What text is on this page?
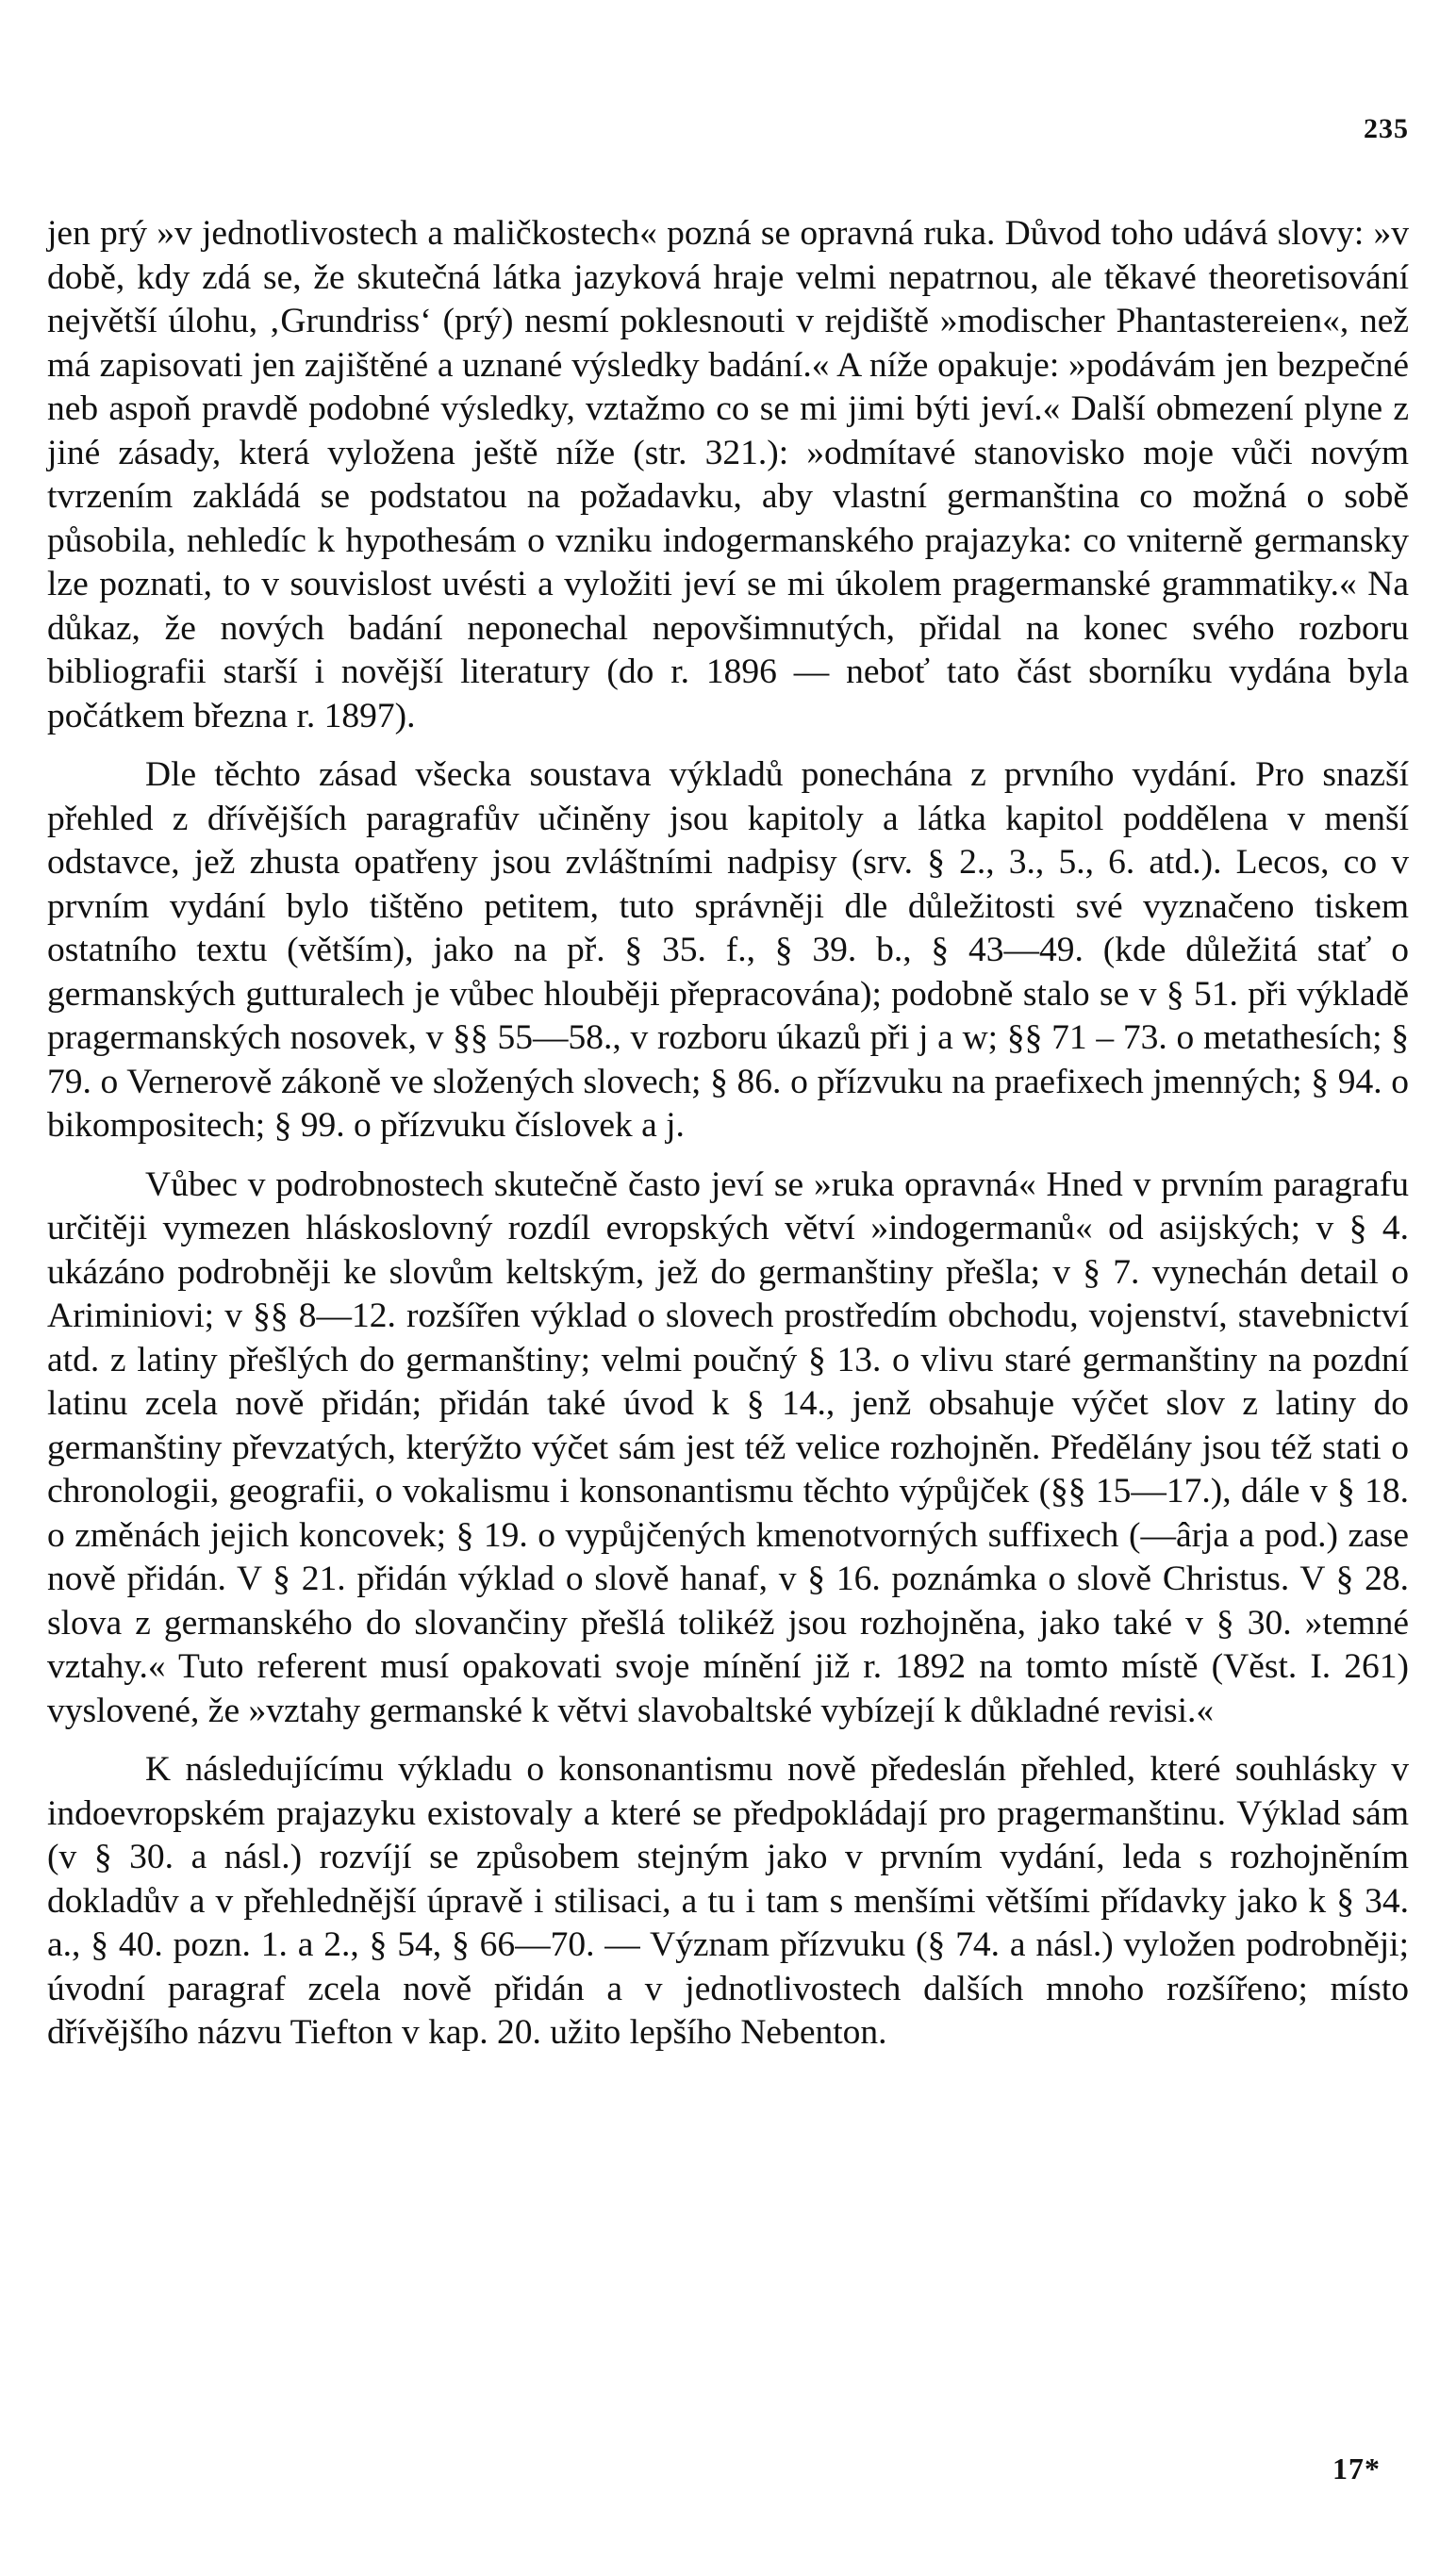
235

jen prý »v jednotlivostech a maličkostech« pozná se opravná ruka. Důvod toho udává slovy: »v době, kdy zdá se, že skutečná látka jazyková hraje velmi nepatrnou, ale těkavé theoretisování největší úlohu, ‚Grundriss‘ (prý) nesmí poklesnouti v rejdiště »modischer Phantastereien«, než má zapisovati jen zajištěné a uznané výsledky badání.« A níže opakuje: »podávám jen bezpečné neb aspoň pravdě podobné výsledky, vztažmo co se mi jimi býti jeví.« Další obmezení plyne z jiné zásady, která vyložena ještě níže (str. 321.): »odmítavé stanovisko moje vůči novým tvrzením zakládá se podstatou na požadavku, aby vlastní germanština co možná o sobě působila, nehledíc k hypothesám o vzniku indogermanského prajazyka: co vniterně germansky lze poznati, to v souvislost uvésti a vyložiti jeví se mi úkolem pragermanské grammatiky.« Na důkaz, že nových badání neponechal nepovšimnutých, přidal na konec svého rozboru bibliografii starší i novější literatury (do r. 1896 — neboť tato část sborníku vydána byla počátkem března r. 1897).

Dle těchto zásad všecka soustava výkladů ponechána z prvního vydání. Pro snazší přehled z dřívějších paragrafův učiněny jsou kapitoly a látka kapitol poddělena v menší odstavce, jež zhusta opatřeny jsou zvláštními nadpisy (srv. § 2., 3., 5., 6. atd.). Lecos, co v prvním vydání bylo tištěno petitem, tuto správněji dle důležitosti své vyznačeno tiskem ostatního textu (větším), jako na př. § 35. f., § 39. b., § 43—49. (kde důležitá stať o germanských gutturalech je vůbec hlouběji přepracována); podobně stalo se v § 51. při výkladě pragermanských nosovek, v §§ 55—58., v rozboru úkazů při j a w; §§ 71 – 73. o metathesích; § 79. o Vernerově zákoně ve složených slovech; § 86. o přízvuku na praefixech jmenných; § 94. o bikompositech; § 99. o přízvuku číslovek a j.

Vůbec v podrobnostech skutečně často jeví se »ruka opravná« Hned v prvním paragrafu určitěji vymezen hláskoslovný rozdíl evropských větví »indogermanů« od asijských; v § 4. ukázáno podrobněji ke slovům keltským, jež do germanštiny přešla; v § 7. vynechán detail o Ariminiovi; v §§ 8—12. rozšířen výklad o slovech prostředím obchodu, vojenství, stavebnictví atd. z latiny přešlých do germanštiny; velmi poučný § 13. o vlivu staré germanštiny na pozdní latinu zcela nově přidán; přidán také úvod k § 14., jenž obsahuje výčet slov z latiny do germanštiny převzatých, kterýžto výčet sám jest též velice rozhojněn. Předělány jsou též stati o chronologii, geografii, o vokalismu i konsonantismu těchto výpůjček (§§ 15—17.), dále v § 18. o změnách jejich koncovek; § 19. o vypůjčených kmenotvorných suffixech (—ârja a pod.) zase nově přidán. V § 21. přidán výklad o slově hanaf, v § 16. poznámka o slově Christus. V § 28. slova z germanského do slovančiny přešlá tolikéž jsou rozhojněna, jako také v § 30. »temné vztahy.« Tuto referent musí opakovati svoje mínění již r. 1892 na tomto místě (Věst. I. 261) vyslovené, že »vztahy germanské k větvi slavobaltské vybízejí k důkladné revisi.«

K následujícímu výkladu o konsonantismu nově předeslán přehled, které souhlásky v indoevropském prajazyku existovaly a které se předpokládají pro pragermanštinu. Výklad sám (v § 30. a násl.) rozvíjí se způsobem stejným jako v prvním vydání, leda s rozhojněním dokladův a v přehlednější úpravě i stilisaci, a tu i tam s menšími většími přídavky jako k § 34. a., § 40. pozn. 1. a 2., § 54, § 66—70. — Význam přízvuku (§ 74. a násl.) vyložen podrobněji; úvodní paragraf zcela nově přidán a v jednotlivostech dalších mnoho rozšířeno; místo dřívějšího názvu Tiefton v kap. 20. užito lepšího Nebenton.

17*
